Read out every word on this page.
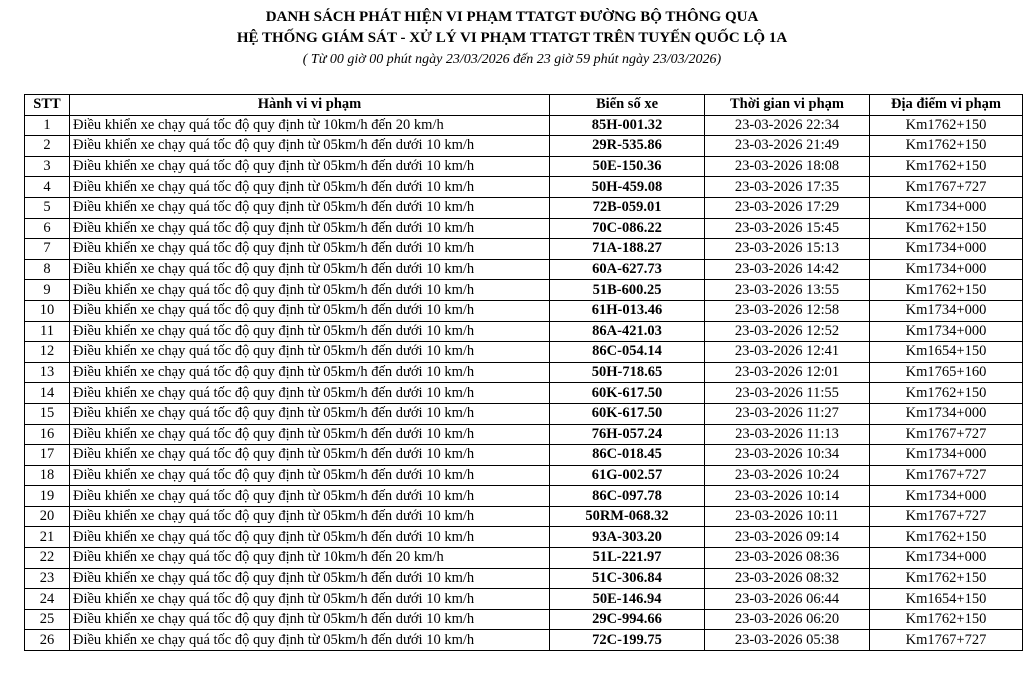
DANH SÁCH PHÁT HIỆN VI PHẠM TTATGT ĐƯỜNG BỘ THÔNG QUA
HỆ THỐNG GIÁM SÁT - XỬ LÝ VI PHẠM TTATGT TRÊN TUYẾN QUỐC LỘ 1A
( Từ 00 giờ 00 phút ngày 23/03/2026 đến 23 giờ 59 phút ngày 23/03/2026)
STT	Hành vi vi phạm	Biển số xe	Thời gian vi phạm	Địa điểm vi phạm
1	Điều khiển xe chạy quá tốc độ quy định từ 10km/h đến 20 km/h	85H-001.32	23-03-2026 22:34	Km1762+150
2	Điều khiển xe chạy quá tốc độ quy định từ 05km/h đến dưới 10 km/h	29R-535.86	23-03-2026 21:49	Km1762+150
3	Điều khiển xe chạy quá tốc độ quy định từ 05km/h đến dưới 10 km/h	50E-150.36	23-03-2026 18:08	Km1762+150
4	Điều khiển xe chạy quá tốc độ quy định từ 05km/h đến dưới 10 km/h	50H-459.08	23-03-2026 17:35	Km1767+727
5	Điều khiển xe chạy quá tốc độ quy định từ 05km/h đến dưới 10 km/h	72B-059.01	23-03-2026 17:29	Km1734+000
6	Điều khiển xe chạy quá tốc độ quy định từ 05km/h đến dưới 10 km/h	70C-086.22	23-03-2026 15:45	Km1762+150
7	Điều khiển xe chạy quá tốc độ quy định từ 05km/h đến dưới 10 km/h	71A-188.27	23-03-2026 15:13	Km1734+000
8	Điều khiển xe chạy quá tốc độ quy định từ 05km/h đến dưới 10 km/h	60A-627.73	23-03-2026 14:42	Km1734+000
9	Điều khiển xe chạy quá tốc độ quy định từ 05km/h đến dưới 10 km/h	51B-600.25	23-03-2026 13:55	Km1762+150
10	Điều khiển xe chạy quá tốc độ quy định từ 05km/h đến dưới 10 km/h	61H-013.46	23-03-2026 12:58	Km1734+000
11	Điều khiển xe chạy quá tốc độ quy định từ 05km/h đến dưới 10 km/h	86A-421.03	23-03-2026 12:52	Km1734+000
12	Điều khiển xe chạy quá tốc độ quy định từ 05km/h đến dưới 10 km/h	86C-054.14	23-03-2026 12:41	Km1654+150
13	Điều khiển xe chạy quá tốc độ quy định từ 05km/h đến dưới 10 km/h	50H-718.65	23-03-2026 12:01	Km1765+160
14	Điều khiển xe chạy quá tốc độ quy định từ 05km/h đến dưới 10 km/h	60K-617.50	23-03-2026 11:55	Km1762+150
15	Điều khiển xe chạy quá tốc độ quy định từ 05km/h đến dưới 10 km/h	60K-617.50	23-03-2026 11:27	Km1734+000
16	Điều khiển xe chạy quá tốc độ quy định từ 05km/h đến dưới 10 km/h	76H-057.24	23-03-2026 11:13	Km1767+727
17	Điều khiển xe chạy quá tốc độ quy định từ 05km/h đến dưới 10 km/h	86C-018.45	23-03-2026 10:34	Km1734+000
18	Điều khiển xe chạy quá tốc độ quy định từ 05km/h đến dưới 10 km/h	61G-002.57	23-03-2026 10:24	Km1767+727
19	Điều khiển xe chạy quá tốc độ quy định từ 05km/h đến dưới 10 km/h	86C-097.78	23-03-2026 10:14	Km1734+000
20	Điều khiển xe chạy quá tốc độ quy định từ 05km/h đến dưới 10 km/h	50RM-068.32	23-03-2026 10:11	Km1767+727
21	Điều khiển xe chạy quá tốc độ quy định từ 05km/h đến dưới 10 km/h	93A-303.20	23-03-2026 09:14	Km1762+150
22	Điều khiển xe chạy quá tốc độ quy định từ 10km/h đến 20 km/h	51L-221.97	23-03-2026 08:36	Km1734+000
23	Điều khiển xe chạy quá tốc độ quy định từ 05km/h đến dưới 10 km/h	51C-306.84	23-03-2026 08:32	Km1762+150
24	Điều khiển xe chạy quá tốc độ quy định từ 05km/h đến dưới 10 km/h	50E-146.94	23-03-2026 06:44	Km1654+150
25	Điều khiển xe chạy quá tốc độ quy định từ 05km/h đến dưới 10 km/h	29C-994.66	23-03-2026 06:20	Km1762+150
26	Điều khiển xe chạy quá tốc độ quy định từ 05km/h đến dưới 10 km/h	72C-199.75	23-03-2026 05:38	Km1767+727
